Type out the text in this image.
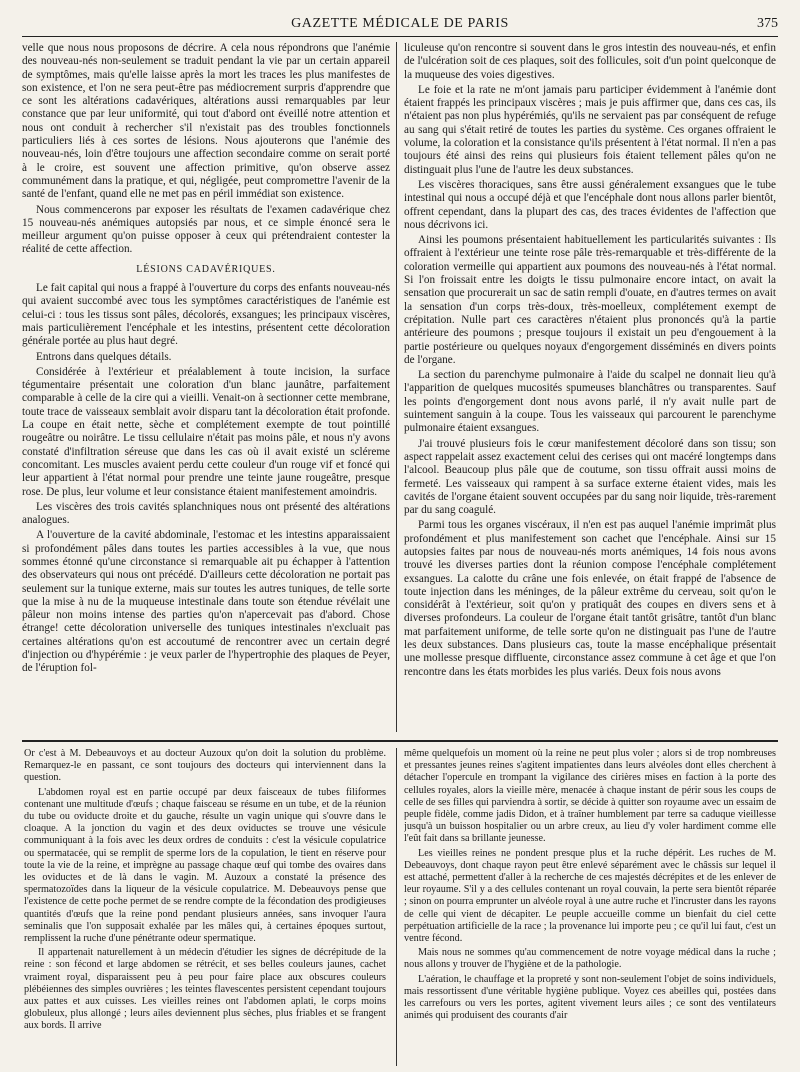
GAZETTE MÉDICALE DE PARIS	375

velle que nous nous proposons de décrire. A cela nous répondrons que l'anémie des nouveau-nés non-seulement se traduit pendant la vie par un certain appareil de symptômes, mais qu'elle laisse après la mort les traces les plus manifestes de son existence, et l'on ne sera peut-être pas médiocrement surpris d'apprendre que ce sont les altérations cadavériques, altérations aussi remarquables par leur constance que par leur uniformité, qui tout d'abord ont éveillé notre attention et nous ont conduit à rechercher s'il n'existait pas des troubles fonctionnels particuliers liés à ces sortes de lésions. Nous ajouterons que l'anémie des nouveau-nés, loin d'être toujours une affection secondaire comme on serait porté à le croire, est souvent une affection primitive, qu'on observe assez communément dans la pratique, et qui, négligée, peut compromettre l'avenir de la santé de l'enfant, quand elle ne met pas en péril immédiat son existence.

Nous commencerons par exposer les résultats de l'examen cadavérique chez 15 nouveau-nés anémiques autopsiés par nous, et ce simple énoncé sera le meilleur argument qu'on puisse opposer à ceux qui prétendraient contester la réalité de cette affection.

LÉSIONS CADAVÉRIQUES.

Le fait capital qui nous a frappé à l'ouverture du corps des enfants nouveau-nés qui avaient succombé avec tous les symptômes caractéristiques de l'anémie est celui-ci : tous les tissus sont pâles, décolorés, exsangues; les principaux viscères, mais particulièrement l'encéphale et les intestins, présentent cette décoloration générale portée au plus haut degré.

Entrons dans quelques détails.

Considérée à l'extérieur et préalablement à toute incision, la surface tégumentaire présentait une coloration d'un blanc jaunâtre, parfaitement comparable à celle de la cire qui a vieilli. Venait-on à sectionner cette membrane, toute trace de vaisseaux semblait avoir disparu tant la décoloration était profonde. La coupe en était nette, sèche et complétement exempte de tout pointillé rougeâtre ou noirâtre. Le tissu cellulaire n'était pas moins pâle, et nous n'y avons constaté d'infiltration séreuse que dans les cas où il avait existé un scléreme concomitant. Les muscles avaient perdu cette couleur d'un rouge vif et foncé qui leur appartient à l'état normal pour prendre une teinte jaune rougeâtre, presque rose. De plus, leur volume et leur consistance étaient manifestement amoindris.

Les viscères des trois cavités splanchniques nous ont présenté des altérations analogues.

A l'ouverture de la cavité abdominale, l'estomac et les intestins apparaissaient si profondément pâles dans toutes les parties accessibles à la vue, que nous sommes étonné qu'une circonstance si remarquable ait pu échapper à l'attention des observateurs qui nous ont précédé. D'ailleurs cette décoloration ne portait pas seulement sur la tunique externe, mais sur toutes les autres tuniques, de telle sorte que la mise à nu de la muqueuse intestinale dans toute son étendue révélait une pâleur non moins intense des parties qu'on n'apercevait pas d'abord. Chose étrange! cette décoloration universelle des tuniques intestinales n'excluait pas certaines altérations qu'on est accoutumé de rencontrer avec un certain degré d'injection ou d'hypérémie : je veux parler de l'hypertrophie des plaques de Peyer, de l'éruption fol-

liculeuse qu'on rencontre si souvent dans le gros intestin des nouveau-nés, et enfin de l'ulcération soit de ces plaques, soit des follicules, soit d'un point quelconque de la muqueuse des voies digestives.

Le foie et la rate ne m'ont jamais paru participer évidemment à l'anémie dont étaient frappés les principaux viscères ; mais je puis affirmer que, dans ces cas, ils n'étaient pas non plus hypérémiés, qu'ils ne servaient pas par conséquent de refuge au sang qui s'était retiré de toutes les parties du système. Ces organes offraient le volume, la coloration et la consistance qu'ils présentent à l'état normal. Il n'en a pas toujours été ainsi des reins qui plusieurs fois étaient tellement pâles qu'on ne distinguait plus l'une de l'autre les deux substances.

Les viscères thoraciques, sans être aussi généralement exsangues que le tube intestinal qui nous a occupé déjà et que l'encéphale dont nous allons parler bientôt, offrent cependant, dans la plupart des cas, des traces évidentes de l'affection que nous décrivons ici.

Ainsi les poumons présentaient habituellement les particularités suivantes : Ils offraient à l'extérieur une teinte rose pâle très-remarquable et très-différente de la coloration vermeille qui appartient aux poumons des nouveau-nés à l'état normal. Si l'on froissait entre les doigts le tissu pulmonaire encore intact, on avait la sensation que procurerait un sac de satin rempli d'ouate, en d'autres termes on avait la sensation d'un corps très-doux, très-moelleux, complétement exempt de crépitation. Nulle part ces caractères n'étaient plus prononcés qu'à la partie antérieure des poumons ; presque toujours il existait un peu d'engouement à la partie postérieure ou quelques noyaux d'engorgement disséminés en divers points de l'organe.

La section du parenchyme pulmonaire à l'aide du scalpel ne donnait lieu qu'à l'apparition de quelques mucosités spumeuses blanchâtres ou transparentes. Sauf les points d'engorgement dont nous avons parlé, il n'y avait nulle part de suintement sanguin à la coupe. Tous les vaisseaux qui parcourent le parenchyme pulmonaire étaient exsangues.

J'ai trouvé plusieurs fois le cœur manifestement décoloré dans son tissu; son aspect rappelait assez exactement celui des cerises qui ont macéré longtemps dans l'alcool. Beaucoup plus pâle que de coutume, son tissu offrait aussi moins de fermeté. Les vaisseaux qui rampent à sa surface externe étaient vides, mais les cavités de l'organe étaient souvent occupées par du sang noir liquide, très-rarement par du sang coagulé.

Parmi tous les organes viscéraux, il n'en est pas auquel l'anémie imprimât plus profondément et plus manifestement son cachet que l'encéphale. Ainsi sur 15 autopsies faites par nous de nouveau-nés morts anémiques, 14 fois nous avons trouvé les diverses parties dont la réunion compose l'encéphale complétement exsangues. La calotte du crâne une fois enlevée, on était frappé de l'absence de toute injection dans les méninges, de la pâleur extrême du cerveau, soit qu'on le considérât à l'extérieur, soit qu'on y pratiquât des coupes en divers sens et à diverses profondeurs. La couleur de l'organe était tantôt grisâtre, tantôt d'un blanc mat parfaitement uniforme, de telle sorte qu'on ne distinguait pas l'une de l'autre les deux substances. Dans plusieurs cas, toute la masse encéphalique présentait une mollesse presque diffluente, circonstance assez commune à cet âge et que l'on rencontre dans les états morbides les plus variés. Deux fois nous avons

Or c'est à M. Debeauvoys et au docteur Auzoux qu'on doit la solution du problème. Remarquez-le en passant, ce sont toujours des docteurs qui interviennent dans la question.

L'abdomen royal est en partie occupé par deux faisceaux de tubes filiformes contenant une multitude d'œufs ; chaque faisceau se résume en un tube, et de la réunion du tube ou oviducte droite et du gauche, résulte un vagin unique qui s'ouvre dans le cloaque. A la jonction du vagin et des deux oviductes se trouve une vésicule communiquant à la fois avec les deux ordres de conduits : c'est la vésicule copulatrice ou spermatacée, qui se remplit de sperme lors de la copulation, le tient en réserve pour toute la vie de la reine, et imprègne au passage chaque œuf qui tombe des ovaires dans les oviductes et de là dans le vagin. M. Auzoux a constaté la présence des spermatozoïdes dans la liqueur de la vésicule copulatrice. M. Debeauvoys pense que l'existence de cette poche permet de se rendre compte de la fécondation des prodigieuses quantités d'œufs que la reine pond pendant plusieurs années, sans invoquer l'aura seminalis que l'on supposait exhalée par les mâles qui, à certaines époques surtout, remplissent la ruche d'une pénétrante odeur spermatique.

Il appartenait naturellement à un médecin d'étudier les signes de décrépitude de la reine : son fécond et large abdomen se rétrécit, et ses belles couleurs jaunes, cachet vraiment royal, disparaissent peu à peu pour faire place aux obscures couleurs plébéiennes des simples ouvrières ; les teintes flavescentes persistent cependant toujours aux pattes et aux cuisses. Les vieilles reines ont l'abdomen aplati, le corps moins globuleux, plus allongé ; leurs ailes deviennent plus sèches, plus friables et se frangent aux bords. Il arrive

même quelquefois un moment où la reine ne peut plus voler ; alors si de trop nombreuses et pressantes jeunes reines s'agitent impatientes dans leurs alvéoles dont elles cherchent à détacher l'opercule en trompant la vigilance des cirières mises en faction à la porte des cellules royales, alors la vieille mère, menacée à chaque instant de périr sous les coups de celle de ses filles qui parviendra à sortir, se décide à quitter son royaume avec un essaim de peuple fidèle, comme jadis Didon, et à traîner humblement par terre sa caduque vieillesse jusqu'à un buisson hospitalier ou un arbre creux, au lieu d'y voler hardiment comme elle l'eût fait dans sa brillante jeunesse.

Les vieilles reines ne pondent presque plus et la ruche dépérit. Les ruches de M. Debeauvoys, dont chaque rayon peut être enlevé séparément avec le châssis sur lequel il est attaché, permettent d'aller à la recherche de ces majestés décrépites et de les enlever de leur royaume. S'il y a des cellules contenant un royal couvain, la perte sera bientôt réparée ; sinon on pourra emprunter un alvéole royal à une autre ruche et l'incruster dans les rayons de celle qui vient de décapiter. Le peuple accueille comme un bienfait du ciel cette perpétuation artificielle de la race ; la provenance lui importe peu ; ce qu'il lui faut, c'est un ventre fécond.

Mais nous ne sommes qu'au commencement de notre voyage médical dans la ruche ; nous allons y trouver de l'hygiène et de la pathologie.

L'aération, le chauffage et la propreté y sont non-seulement l'objet de soins individuels, mais ressortissent d'une véritable hygiène publique. Voyez ces abeilles qui, postées dans les carrefours ou vers les portes, agitent vivement leurs ailes ; ce sont des ventilateurs animés qui produisent des courants d'air
